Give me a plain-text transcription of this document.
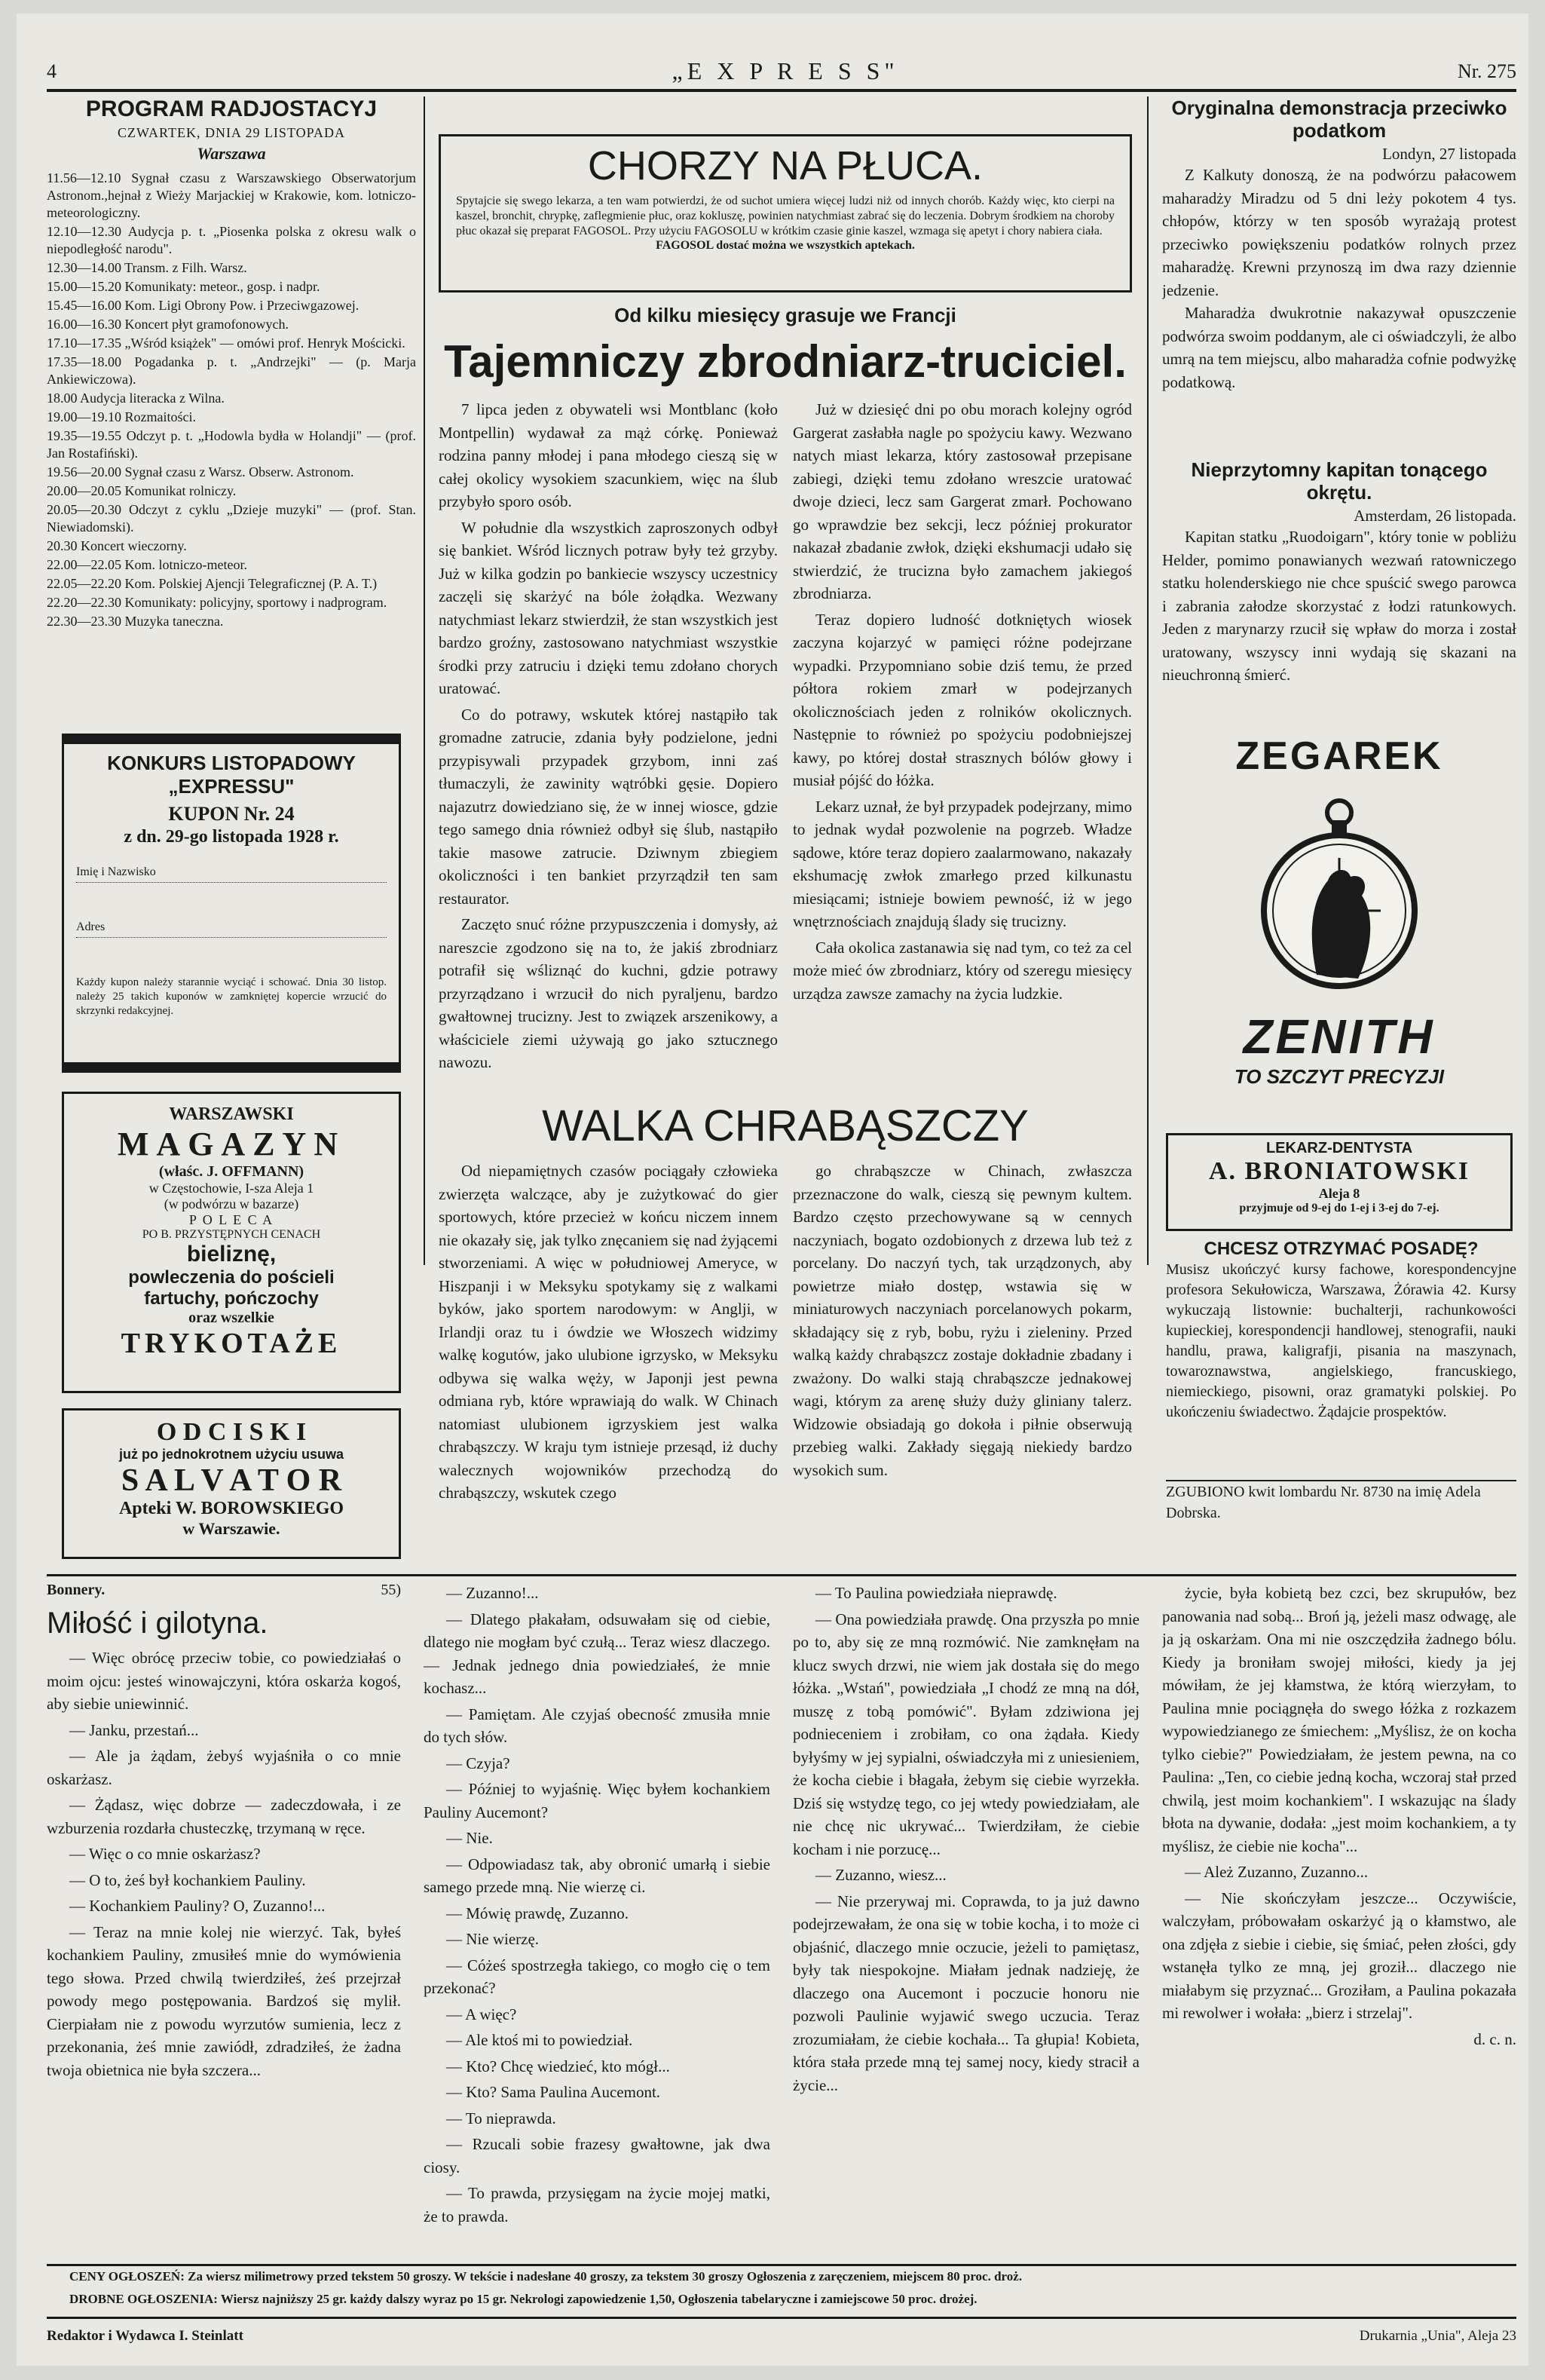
4	„E X P R E S S"	Nr. 275
PROGRAM RADJOSTACYJ
CZWARTEK, DNIA 29 LISTOPADA
Warszawa

11.56—12.10 Sygnał czasu z Warszawskiego Obserwatorjum Astronom.,hejnał z Wieży Marjackiej w Krakowie, kom. lotniczo-meteorologiczny.

12.10—12.30 Audycja p. t. „Piosenka polska z okresu walk o niepodległość narodu".

12.30—14.00 Transm. z Filh. Warsz.

15.00—15.20 Komunikaty: meteor., gosp. i nadpr.

15.45—16.00 Kom. Ligi Obrony Pow. i Przeciwgazowej.

16.00—16.30 Koncert płyt gramofonowych.

17.10—17.35 „Wśród książek" — omówi prof. Henryk Mościcki.

17.35—18.00 Pogadanka p. t. „Andrzejki" — (p. Marja Ankiewiczowa).

18.00 Audycja literacka z Wilna.

19.00—19.10 Rozmaitości.

19.35—19.55 Odczyt p. t. „Hodowla bydła w Holandji" — (prof. Jan Rostafiński).

19.56—20.00 Sygnał czasu z Warsz. Obserw. Astronom.

20.00—20.05 Komunikat rolniczy.

20.05—20.30 Odczyt z cyklu „Dzieje muzyki" — (prof. Stan. Niewiadomski).

20.30 Koncert wieczorny.

22.00—22.05 Kom. lotniczo-meteor.

22.05—22.20 Kom. Polskiej Ajencji Telegraficznej (P. A. T.)

22.20—22.30 Komunikaty: policyjny, sportowy i nadprogram.

22.30—23.30 Muzyka taneczna.

KONKURS LISTOPADOWY „EXPRESSU"
KUPON Nr. 24
z dn. 29-go listopada 1928 r.
Imię i Nazwisko
Adres
Każdy kupon należy starannie wyciąć i schować. Dnia 30 listop. należy 25 takich kuponów w zamkniętej kopercie wrzucić do skrzynki redakcyjnej.
WARSZAWSKI
MAGAZYN
(właśc. J. OFFMANN)
w Częstochowie, I-sza Aleja 1
(w podwórzu w bazarze)
P O L E C A
PO B. PRZYSTĘPNYCH CENACH
bieliznę,
powleczenia do pościeli
fartuchy, pończochy
oraz wszelkie
TRYKOTAŻE
O D C I S K I
już po jednokrotnem użyciu usuwa
S A L V A T O R
Apteki W. BOROWSKIEGO
w Warszawie.
CHORZY NA PŁUCA.
Spytajcie się swego lekarza, a ten wam potwierdzi, że od suchot umiera więcej ludzi niż od innych chorób. Każdy więc, kto cierpi na kaszel, bronchit, chrypkę, zaflegmienie płuc, oraz kokluszę, powinien natychmiast zabrać się do leczenia. Dobrym środkiem na choroby płuc okazał się preparat FAGOSOL. Przy użyciu FAGOSOLU w krótkim czasie ginie kaszel, wzmaga się apetyt i chory nabiera ciała.
FAGOSOL dostać można we wszystkich aptekach.
Od kilku miesięcy grasuje we Francji
Tajemniczy zbrodniarz-truciciel.

7 lipca jeden z obywateli wsi Montblanc (koło Montpellin) wydawał za mąż córkę. Ponieważ rodzina panny młodej i pana młodego cieszą się w całej okolicy wysokiem szacunkiem, więc na ślub przybyło sporo osób.

W południe dla wszystkich zaproszonych odbył się bankiet. Wśród licznych potraw były też grzyby. Już w kilka godzin po bankiecie wszyscy uczestnicy zaczęli się skarżyć na bóle żołądka. Wezwany natychmiast lekarz stwierdził, że stan wszystkich jest bardzo groźny, zastosowano natychmiast wszystkie środki przy zatruciu i dzięki temu zdołano chorych uratować.

Co do potrawy, wskutek której nastąpiło tak gromadne zatrucie, zdania były podzielone, jedni przypisywali przypadek grzybom, inni zaś tłumaczyli, że zawinity wątróbki gęsie. Dopiero najazutrz dowiedziano się, że w innej wiosce, gdzie tego samego dnia również odbył się ślub, nastąpiło takie masowe zatrucie. Dziwnym zbiegiem okoliczności i ten bankiet przyrządził ten sam restaurator.

Zaczęto snuć różne przypuszczenia i domysły, aż nareszcie zgodzono się na to, że jakiś zbrodniarz potrafił się wśliznąć do kuchni, gdzie potrawy przyrządzano i wrzucił do nich pyraljenu, bardzo gwałtownej trucizny. Jest to związek arszenikowy, a właściciele ziemi używają go jako sztucznego nawozu.

Już w dziesięć dni po obu morach kolejny ogród Gargerat zasłabła nagle po spożyciu kawy. Wezwano natych miast lekarza, który zastosował przepisane zabiegi, dzięki temu zdołano wreszcie uratować dwoje dzieci, lecz sam Gargerat zmarł. Pochowano go wprawdzie bez sekcji, lecz później prokurator nakazał zbadanie zwłok, dzięki ekshumacji udało się stwierdzić, że trucizna było zamachem jakiegoś zbrodniarza.

Teraz dopiero ludność dotkniętych wiosek zaczyna kojarzyć w pamięci różne podejrzane wypadki. Przypomniano sobie dziś temu, że przed półtora rokiem zmarł w podejrzanych okolicznościach jeden z rolników okolicznych. Następnie to również po spożyciu podobniejszej kawy, po której dostał strasznych bólów głowy i musiał pójść do łóżka.

Lekarz uznał, że był przypadek podejrzany, mimo to jednak wydał pozwolenie na pogrzeb. Władze sądowe, które teraz dopiero zaalarmowano, nakazały ekshumację zwłok zmarłego przed kilkunastu miesiącami; istnieje bowiem pewność, iż w jego wnętrznościach znajdują ślady się trucizny.

Cała okolica zastanawia się nad tym, co też za cel może mieć ów zbrodniarz, który od szeregu miesięcy urządza zawsze zamachy na życia ludzkie.

WALKA CHRABĄSZCZY
Od niepamiętnych czasów pociągały człowieka zwierzęta walczące, aby je zużytkować do gier sportowych, które przecież w końcu niczem innem nie okazały się, jak tylko znęcaniem się nad żyjącemi stworzeniami. A więc w południowej Ameryce, w Hiszpanji i w Meksyku spotykamy się z walkami byków, jako sportem narodowym: w Anglji, w Irlandji oraz tu i ówdzie we Włoszech widzimy walkę kogutów, jako ulubione igrzysko, w Meksyku odbywa się walka węży, w Japonji jest pewna odmiana ryb, które wprawiają do walk. W Chinach natomiast ulubionem igrzyskiem jest walka chrabąszczy. W kraju tym istnieje przesąd, iż duchy walecznych wojowników przechodzą do chrabąszczy, wskutek czego
go chrabąszcze w Chinach, zwłaszcza przeznaczone do walk, cieszą się pewnym kultem. Bardzo często przechowywane są w cennych naczyniach, bogato ozdobionych z drzewa lub też z porcelany. Do naczyń tych, tak urządzonych, aby powietrze miało dostęp, wstawia się w miniaturowych naczyniach porcelanowych pokarm, składający się z ryb, bobu, ryżu i zieleniny. Przed walką każdy chrabąszcz zostaje dokładnie zbadany i zważony. Do walki stają chrabąszcze jednakowej wagi, którym za arenę służy duży gliniany talerz. Widzowie obsiadają go dokoła i piłnie obserwują przebieg walki. Zakłady sięgają niekiedy bardzo wysokich sum.
Oryginalna demonstracja przeciwko podatkom
Londyn, 27 listopada
Z Kalkuty donoszą, że na podwórzu pałacowem maharadży Miradzu od 5 dni leży pokotem 4 tys. chłopów, którzy w ten sposób wyrażają protest przeciwko powiększeniu podatków rolnych przez maharadżę. Krewni przynoszą im dwa razy dziennie jedzenie.
Maharadża dwukrotnie nakazywał opuszczenie podwórza swoim poddanym, ale ci oświadczyli, że albo umrą na tem miejscu, albo maharadża cofnie podwyżkę podatkową.
Nieprzytomny kapitan tonącego okrętu.
Amsterdam, 26 listopada.
Kapitan statku „Ruodoigarn", który tonie w pobliżu Helder, pomimo ponawianych wezwań ratowniczego statku holenderskiego nie chce spuścić swego parowca i zabrania załodze skorzystać z łodzi ratunkowych. Jeden z marynarzy rzucił się wpław do morza i został uratowany, wszyscy inni wydają się skazani na nieuchronną śmierć.
ZEGAREK
ZENITH
TO SZCZYT PRECYZJI
LEKARZ-DENTYSTA
A. BRONIATOWSKI
Aleja 8
przyjmuje od 9-ej do 1-ej i 3-ej do 7-ej.
CHCESZ OTRZYMAĆ POSADĘ?
Musisz ukończyć kursy fachowe, korespondencyjne profesora Sekułowicza, Warszawa, Żórawia 42. Kursy wykuczają listownie: buchalterji, rachunkowości kupieckiej, korespondencji handlowej, stenografii, nauki handlu, prawa, kaligrafji, pisania na maszynach, towaroznawstwa, angielskiego, francuskiego, niemieckiego, pisowni, oraz gramatyki polskiej. Po ukończeniu świadectwo. Żądajcie prospektów.
ZGUBIONO kwit lombardu Nr. 8730 na imię Adela Dobrska.
Bonnery.	55)
Miłość i gilotyna.

— Więc obrócę przeciw tobie, co powiedziałaś o moim ojcu: jesteś winowajczyni, która oskarża kogoś, aby siebie uniewinnić.

— Janku, przestań...

— Ale ja żądam, żebyś wyjaśniła o co mnie oskarżasz.

— Żądasz, więc dobrze — zadeczdowała, i ze wzburzenia rozdarła chusteczkę, trzymaną w ręce.

— Więc o co mnie oskarżasz?

— O to, żeś był kochankiem Pauliny.

— Kochankiem Pauliny? O, Zuzanno!...

— Teraz na mnie kolej nie wierzyć. Tak, byłeś kochankiem Pauliny, zmusiłeś mnie do wymówienia tego słowa. Przed chwilą twierdziłeś, żeś przejrzał powody mego postępowania. Bardzoś się mylił. Cierpiałam nie z powodu wyrzutów sumienia, lecz z przekonania, żeś mnie zawiódł, zdradziłeś, że żadna twoja obietnica nie była szczera...

— Zuzanno!...

— Dlatego płakałam, odsuwałam się od ciebie, dlatego nie mogłam być czułą... Teraz wiesz dlaczego. — Jednak jednego dnia powiedziałeś, że mnie kochasz...

— Pamiętam. Ale czyjaś obecność zmusiła mnie do tych słów.

— Czyja?

— Później to wyjaśnię. Więc byłem kochankiem Pauliny Aucemont?

— Nie.

— Odpowiadasz tak, aby obronić umarłą i siebie samego przede mną. Nie wierzę ci.

— Mówię prawdę, Zuzanno.

— Nie wierzę.

— Cóżeś spostrzegła takiego, co mogło cię o tem przekonać?

— A więc?

— Ale ktoś mi to powiedział.

— Kto? Chcę wiedzieć, kto mógł...

— Kto? Sama Paulina Aucemont.

— To nieprawda.

— Rzucali sobie frazesy gwałtowne, jak dwa ciosy.

— To prawda, przysięgam na życie mojej matki, że to prawda.

— To Paulina powiedziała nieprawdę.

— Ona powiedziała prawdę. Ona przyszła po mnie po to, aby się ze mną rozmówić. Nie zamknęłam na klucz swych drzwi, nie wiem jak dostała się do mego łóżka. „Wstań", powiedziała „I chodź ze mną na dół, muszę z tobą pomówić". Byłam zdziwiona jej podnieceniem i zrobiłam, co ona żądała. Kiedy byłyśmy w jej sypialni, oświadczyła mi z uniesieniem, że kocha ciebie i błagała, żebym się ciebie wyrzekła. Dziś się wstydzę tego, co jej wtedy powiedziałam, ale nie chcę nic ukrywać... Twierdziłam, że ciebie kocham i nie porzucę...

— Zuzanno, wiesz...

— Nie przerywaj mi. Coprawda, to ja już dawno podejrzewałam, że ona się w tobie kocha, i to może ci objaśnić, dlaczego mnie oczucie, jeżeli to pamiętasz, były tak niespokojne. Miałam jednak nadzieję, że dlaczego ona Aucemont i poczucie honoru nie pozwoli Paulinie wyjawić swego uczucia. Teraz zrozumiałam, że ciebie kochała... Ta głupia! Kobieta, która stała przede mną tej samej nocy, kiedy stracił a życie...

życie, była kobietą bez czci, bez skrupułów, bez panowania nad sobą... Broń ją, jeżeli masz odwagę, ale ja ją oskarżam. Ona mi nie oszczędziła żadnego bólu. Kiedy ja broniłam swojej miłości, kiedy ja jej mówiłam, że jej kłamstwa, że którą wierzyłam, to Paulina mnie pociągnęła do swego łóżka z rozkazem wypowiedzianego ze śmiechem: „Myślisz, że on kocha tylko ciebie?" Powiedziałam, że jestem pewna, na co Paulina: „Ten, co ciebie jedną kocha, wczoraj stał przed chwilą, jest moim kochankiem". I wskazując na ślady błota na dywanie, dodała: „jest moim kochankiem, a ty myślisz, że ciebie nie kocha"...

— Ależ Zuzanno, Zuzanno...

— Nie skończyłam jeszcze... Oczywiście, walczyłam, próbowałam oskarżyć ją o kłamstwo, ale ona zdjęła z siebie i ciebie, się śmiać, pełen złości, gdy wstanęła tylko ze mną, jej groził... dlaczego nie miałabym się przyznać... Groziłam, a Paulina pokazała mi rewolwer i wołała: „bierz i strzelaj".

d. c. n.

CENY OGŁOSZEŃ: Za wiersz milimetrowy przed tekstem 50 groszy. W tekście i nadesłane 40 groszy, za tekstem 30 groszy Ogłoszenia z zaręczeniem, miejscem 80 proc. droż.
DROBNE OGŁOSZENIA: Wiersz najniższy 25 gr. każdy dalszy wyraz po 15 gr. Nekrologi zapowiedzenie 1,50, Ogłoszenia tabelaryczne i zamiejscowe 50 proc. drożej.
Redaktor i Wydawca I. Steinlatt	Drukarnia „Unia", Aleja 23
